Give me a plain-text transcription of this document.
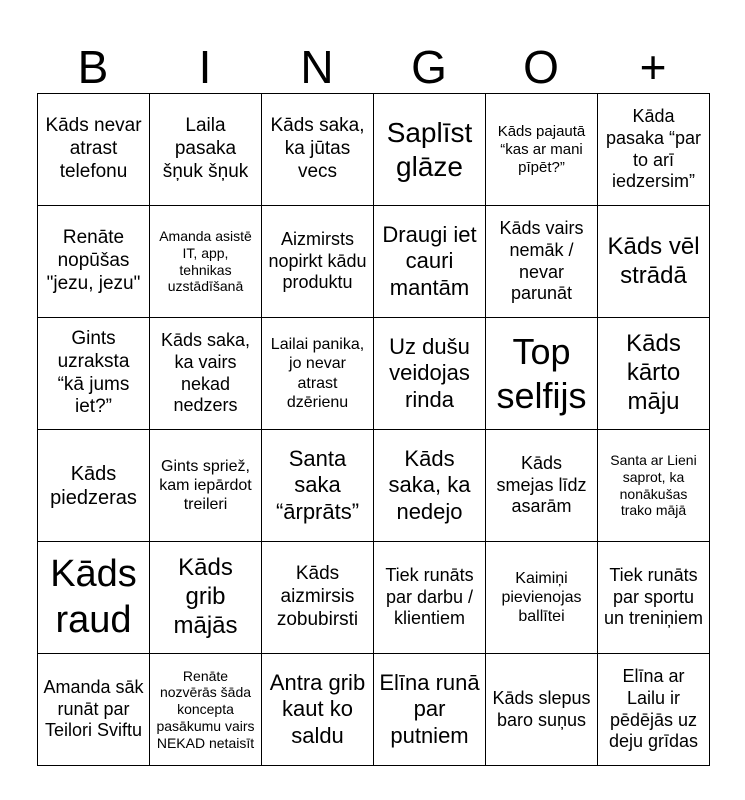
B	I	N	G	O	+
Kāds nevar atrast telefonu	Laila pasaka šņuk šņuk	Kāds saka, ka jūtas vecs	Saplīst glāze	Kāds pajautā “kas ar mani pīpēt?”	Kāda pasaka “par to arī iedzersim”

Renāte nopūšas "jezu, jezu"	Amanda asistē IT, app, tehnikas uzstādīšanā	Aizmirsts nopirkt kādu produktu	Draugi iet cauri mantām	Kāds vairs nemāk / nevar parunāt	Kāds vēl strādā

Gints uzraksta “kā jums iet?”	Kāds saka, ka vairs nekad nedzers	Lailai panika, jo nevar atrast dzērienu	Uz dušu veidojas rinda	Top selfijs	Kāds kārto māju

Kāds piedzeras	Gints spriež, kam iepārdot treileri	Santa saka “ārprāts”	Kāds saka, ka nedejo	Kāds smejas līdz asarām	Santa ar Lieni saprot, ka nonākušas trako mājā

Kāds raud	Kāds grib mājās	Kāds aizmirsis zobubirsti	Tiek runāts par darbu / klientiem	Kaimiņi pievienojas ballītei	Tiek runāts par sportu un treniņiem

Amanda sāk runāt par Teilori Sviftu	Renāte nozvērās šāda koncepta pasākumu vairs NEKAD netaisīt	Antra grib kaut ko saldu	Elīna runā par putniem	Kāds slepus baro suņus	Elīna ar Lailu ir pēdējās uz deju grīdas
